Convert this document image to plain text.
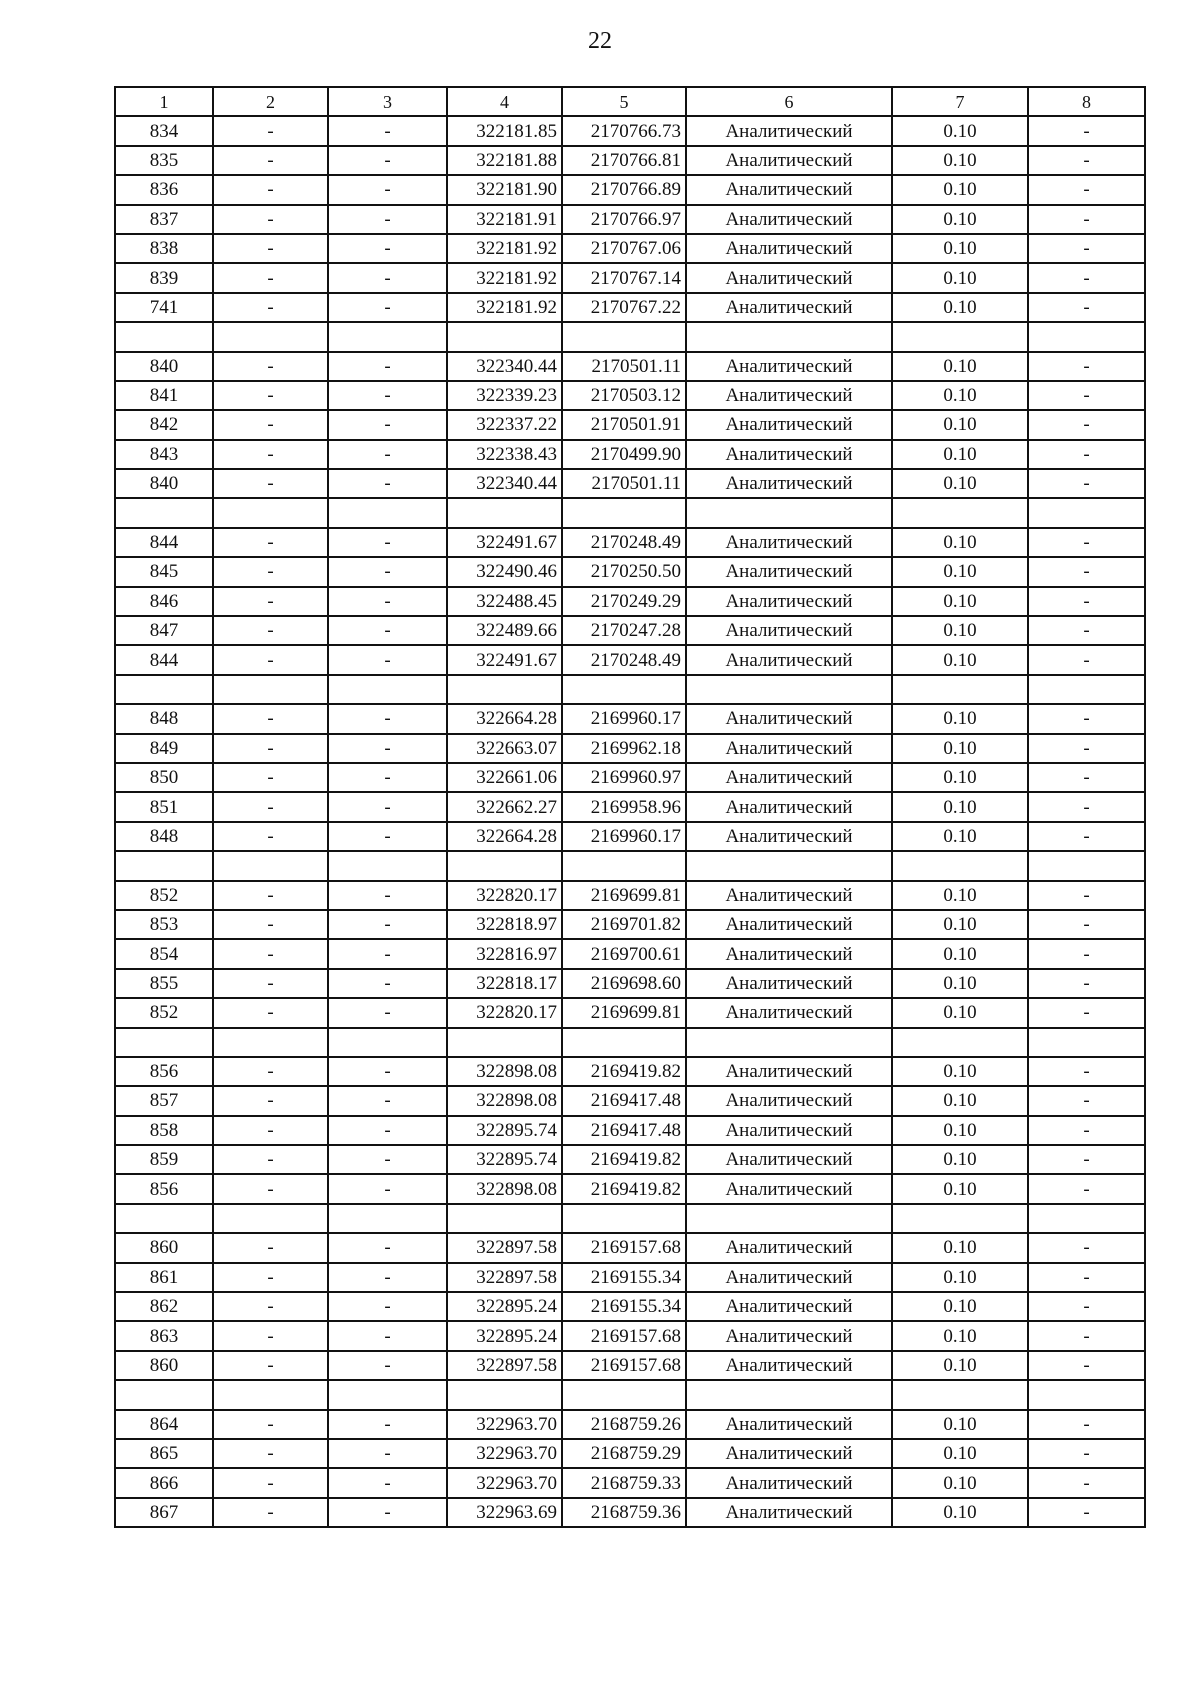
22
1	2	3	4	5	6	7	8
834	-	-	322181.85	2170766.73	Аналитический	0.10	-
835	-	-	322181.88	2170766.81	Аналитический	0.10	-
836	-	-	322181.90	2170766.89	Аналитический	0.10	-
837	-	-	322181.91	2170766.97	Аналитический	0.10	-
838	-	-	322181.92	2170767.06	Аналитический	0.10	-
839	-	-	322181.92	2170767.14	Аналитический	0.10	-
741	-	-	322181.92	2170767.22	Аналитический	0.10	-

840	-	-	322340.44	2170501.11	Аналитический	0.10	-
841	-	-	322339.23	2170503.12	Аналитический	0.10	-
842	-	-	322337.22	2170501.91	Аналитический	0.10	-
843	-	-	322338.43	2170499.90	Аналитический	0.10	-
840	-	-	322340.44	2170501.11	Аналитический	0.10	-

844	-	-	322491.67	2170248.49	Аналитический	0.10	-
845	-	-	322490.46	2170250.50	Аналитический	0.10	-
846	-	-	322488.45	2170249.29	Аналитический	0.10	-
847	-	-	322489.66	2170247.28	Аналитический	0.10	-
844	-	-	322491.67	2170248.49	Аналитический	0.10	-

848	-	-	322664.28	2169960.17	Аналитический	0.10	-
849	-	-	322663.07	2169962.18	Аналитический	0.10	-
850	-	-	322661.06	2169960.97	Аналитический	0.10	-
851	-	-	322662.27	2169958.96	Аналитический	0.10	-
848	-	-	322664.28	2169960.17	Аналитический	0.10	-

852	-	-	322820.17	2169699.81	Аналитический	0.10	-
853	-	-	322818.97	2169701.82	Аналитический	0.10	-
854	-	-	322816.97	2169700.61	Аналитический	0.10	-
855	-	-	322818.17	2169698.60	Аналитический	0.10	-
852	-	-	322820.17	2169699.81	Аналитический	0.10	-

856	-	-	322898.08	2169419.82	Аналитический	0.10	-
857	-	-	322898.08	2169417.48	Аналитический	0.10	-
858	-	-	322895.74	2169417.48	Аналитический	0.10	-
859	-	-	322895.74	2169419.82	Аналитический	0.10	-
856	-	-	322898.08	2169419.82	Аналитический	0.10	-

860	-	-	322897.58	2169157.68	Аналитический	0.10	-
861	-	-	322897.58	2169155.34	Аналитический	0.10	-
862	-	-	322895.24	2169155.34	Аналитический	0.10	-
863	-	-	322895.24	2169157.68	Аналитический	0.10	-
860	-	-	322897.58	2169157.68	Аналитический	0.10	-

864	-	-	322963.70	2168759.26	Аналитический	0.10	-
865	-	-	322963.70	2168759.29	Аналитический	0.10	-
866	-	-	322963.70	2168759.33	Аналитический	0.10	-
867	-	-	322963.69	2168759.36	Аналитический	0.10	-
